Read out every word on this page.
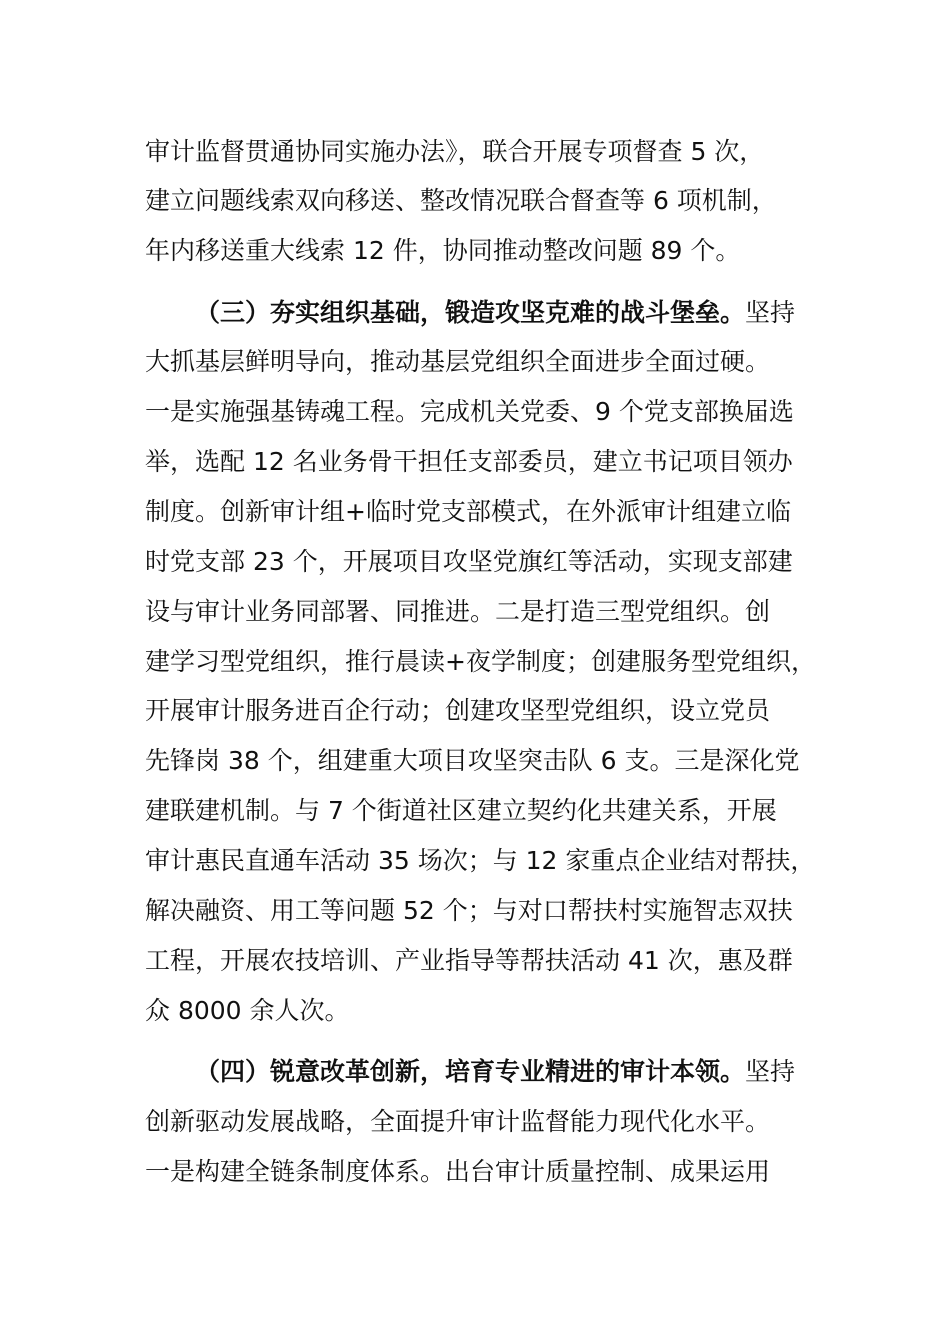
审计监督贯通协同实施办法》，联合开展专项督查 5 次，
建立问题线索双向移送、整改情况联合督查等 6 项机制，
年内移送重大线索 12 件，协同推动整改问题 89 个。
（三）夯实组织基础，锻造攻坚克难的战斗堡垒。坚持
大抓基层鲜明导向，推动基层党组织全面进步全面过硬。
一是实施强基铸魂工程。完成机关党委、9 个党支部换届选
举，选配 12 名业务骨干担任支部委员，建立书记项目领办
制度。创新审计组+临时党支部模式，在外派审计组建立临
时党支部 23 个，开展项目攻坚党旗红等活动，实现支部建
设与审计业务同部署、同推进。二是打造三型党组织。创
建学习型党组织，推行晨读+夜学制度；创建服务型党组织，
开展审计服务进百企行动；创建攻坚型党组织，设立党员
先锋岗 38 个，组建重大项目攻坚突击队 6 支。三是深化党
建联建机制。与 7 个街道社区建立契约化共建关系，开展
审计惠民直通车活动 35 场次；与 12 家重点企业结对帮扶，
解决融资、用工等问题 52 个；与对口帮扶村实施智志双扶
工程，开展农技培训、产业指导等帮扶活动 41 次，惠及群
众 8000 余人次。
（四）锐意改革创新，培育专业精进的审计本领。坚持
创新驱动发展战略，全面提升审计监督能力现代化水平。
一是构建全链条制度体系。出台审计质量控制、成果运用
